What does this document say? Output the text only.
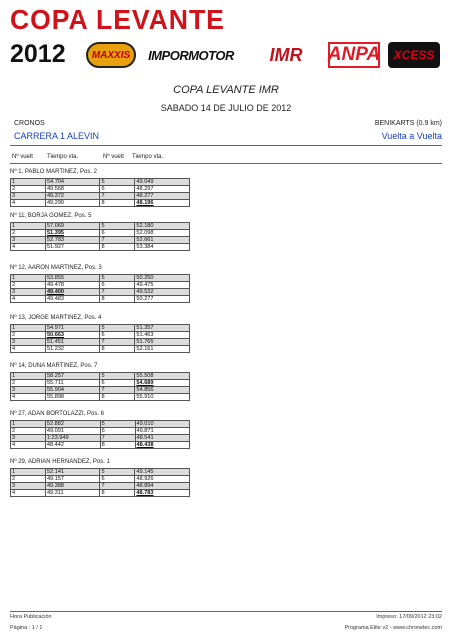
COPA LEVANTE
2012	MAXXIS	IMPORMOTOR	IMR	ANPA	XCESS
COPA LEVANTE IMR
SABADO 14 DE JULIO DE 2012
CRONOS	BENIKARTS (0.9 km)
CARRERA 1 ALEVIN	Vuelta a Vuelta
Nº vuelt Tiempo vta.	Nº vuelt Tiempo vta.
Nº 1, PABLO MARTINEZ, Pos. 2
1	54.704	5	49.049
2	49.568	6	48.297
3	49.372	7	48.277
4	49.290	8	48.196
Nº 11, BORJA GOMEZ, Pos. 5
1	57.069	5	52.180
2	51.395	6	52.098
3	52.783	7	52.661
4	51.927	8	53.384
Nº 12, AARON MARTINEZ, Pos. 3
1	53.855	5	50.250
2	49.478	6	49.475
3	49.400	7	49.532
4	49.483	8	50.277
Nº 13, JORGE MARTINEZ, Pos. 4
1	54.971	5	51.357
2	50.663	6	51.463
3	51.451	7	51.765
4	51.232	8	52.161
Nº 14, DUNA MARTINEZ, Pos. 7
1	58.257	5	55.508
2	55.711	6	54.689
3	55.904	7	54.856
4	55.898	8	55.910
Nº 27, ADAN BORTOLAZZI, Pos. 6
1	52.882	5	49.010
2	49.091	6	49.871
3	1:23.949	7	48.541
4	48.442	8	48.438
Nº 29, ADRIAN HERNANDEZ, Pos. 1
1	52.141	5	49.145
2	49.157	6	48.926
3	49.388	7	48.894
4	49.311	8	48.783
Hora Publicación	Impreso: 17/09/2012 23:02
Página : 1 / 1	Programa Elite v2 - www.chronelec.com
